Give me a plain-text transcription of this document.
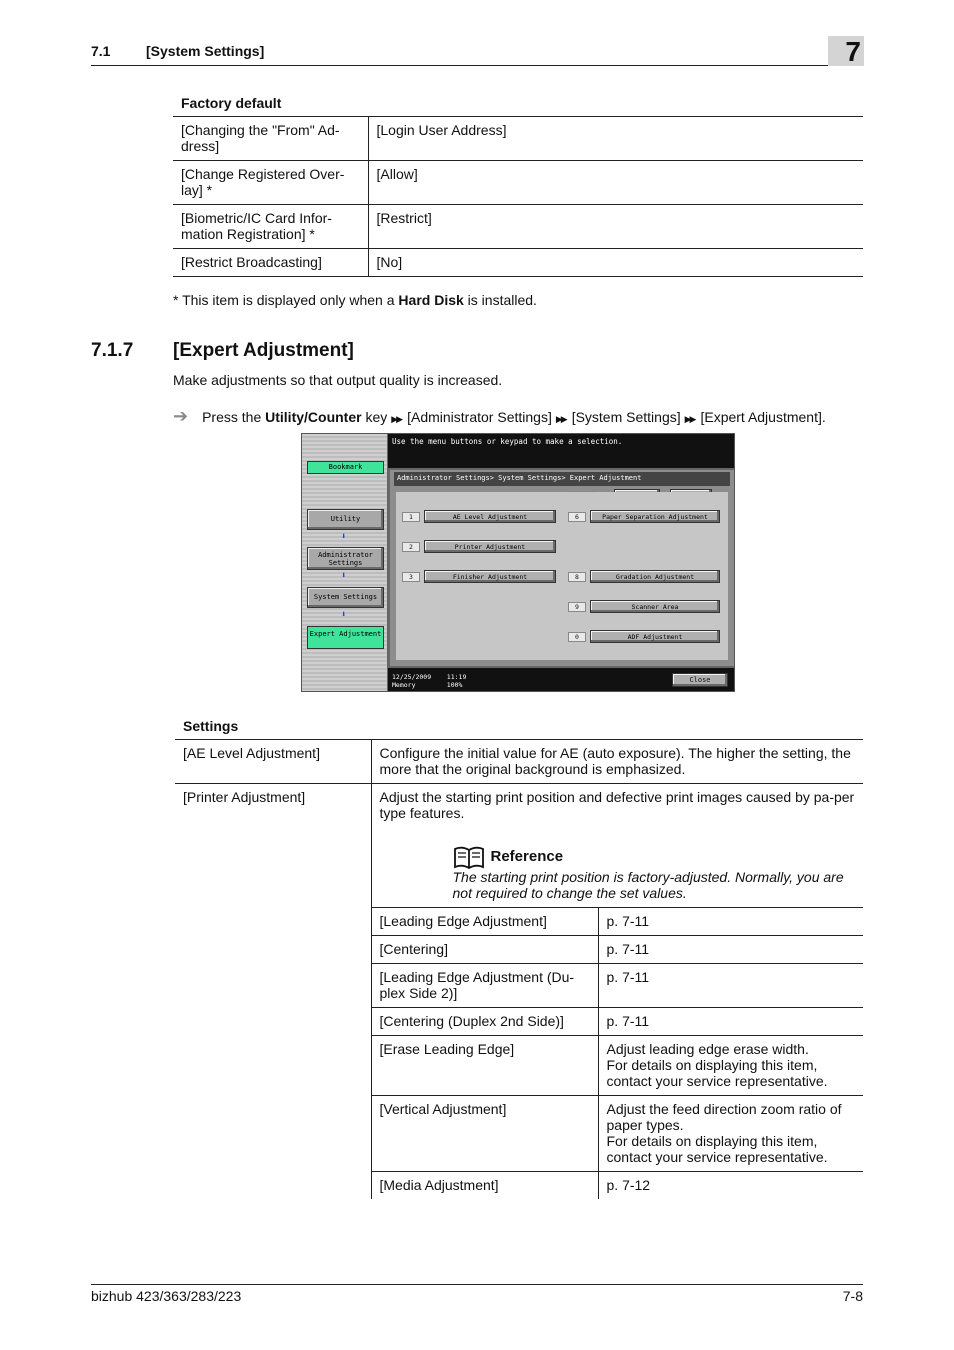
7.1	[System Settings]	7
Factory default
[Changing the "From" Ad-dress]	[Login User Address]
[Change Registered Over-lay] *	[Allow]
[Biometric/IC Card Infor-mation Registration] *	[Restrict]
[Restrict Broadcasting]	[No]
* This item is displayed only when a Hard Disk is installed.
7.1.7 [Expert Adjustment]
Make adjustments so that output quality is increased.
➔ Press the Utility/Counter key ▶▶ [Administrator Settings] ▶▶ [System Settings] ▶▶ [Expert Adjustment].
Bookmark
Utility
⬇
Administrator Settings
⬇
System Settings
⬇
Expert Adjustment
Use the menu buttons or keypad to make a selection.
Administrator Settings> System Settings> Expert Adjustment
1	AE Level Adjustment
2	Printer Adjustment
3	Finisher Adjustment
6	Paper Separation Adjustment
8	Gradation Adjustment
9	Scanner Area
0	ADF Adjustment
12/25/2009 11:19
Memory	100%
Close
Settings
[AE Level Adjustment]	Configure the initial value for AE (auto exposure). The higher the setting, the more that the original background is emphasized.	
[Printer Adjustment]	Adjust the starting print position and defective print images caused by pa-per type features.
Reference
The starting print position is factory-adjusted. Normally, you are not required to change the set values.	

	[Leading Edge Adjustment]	p. 7-11
	[Centering]	p. 7-11
	[Leading Edge Adjustment (Du-plex Side 2)]	p. 7-11
	[Centering (Duplex 2nd Side)]	p. 7-11
	[Erase Leading Edge]	Adjust leading edge erase width.
For details on displaying this item, contact your service representative.
	[Vertical Adjustment]	Adjust the feed direction zoom ratio of paper types.
For details on displaying this item, contact your service representative.
	[Media Adjustment]	p. 7-12
bizhub 423/363/283/223	7-8
